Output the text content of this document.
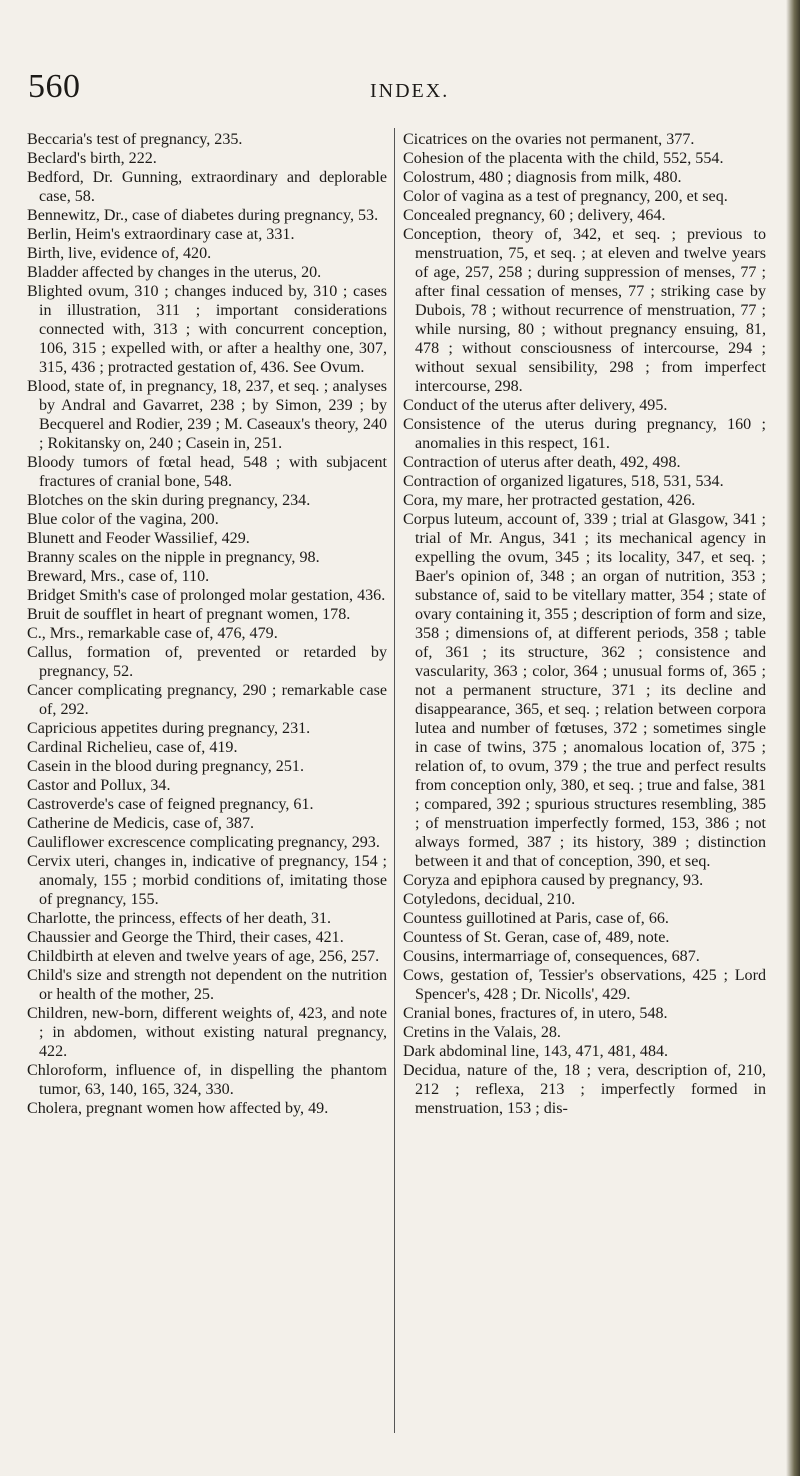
560	INDEX.

Beccaria's test of pregnancy, 235.

Beclard's birth, 222.

Bedford, Dr. Gunning, extraordinary and deplorable case, 58.

Bennewitz, Dr., case of diabetes during pregnancy, 53.

Berlin, Heim's extraordinary case at, 331.

Birth, live, evidence of, 420.

Bladder affected by changes in the uterus, 20.

Blighted ovum, 310 ; changes induced by, 310 ; cases in illustration, 311 ; important considerations connected with, 313 ; with concurrent conception, 106, 315 ; expelled with, or after a healthy one, 307, 315, 436 ; protracted gestation of, 436. See Ovum.

Blood, state of, in pregnancy, 18, 237, et seq. ; analyses by Andral and Gavarret, 238 ; by Simon, 239 ; by Becquerel and Rodier, 239 ; M. Caseaux's theory, 240 ; Rokitansky on, 240 ; Casein in, 251.

Bloody tumors of fœtal head, 548 ; with subjacent fractures of cranial bone, 548.

Blotches on the skin during pregnancy, 234.

Blue color of the vagina, 200.

Blunett and Feoder Wassilief, 429.

Branny scales on the nipple in pregnancy, 98.

Breward, Mrs., case of, 110.

Bridget Smith's case of prolonged molar gestation, 436.

Bruit de soufflet in heart of pregnant women, 178.

C., Mrs., remarkable case of, 476, 479.

Callus, formation of, prevented or retarded by pregnancy, 52.

Cancer complicating pregnancy, 290 ; remarkable case of, 292.

Capricious appetites during pregnancy, 231.

Cardinal Richelieu, case of, 419.

Casein in the blood during pregnancy, 251.

Castor and Pollux, 34.

Castroverde's case of feigned pregnancy, 61.

Catherine de Medicis, case of, 387.

Cauliflower excrescence complicating pregnancy, 293.

Cervix uteri, changes in, indicative of pregnancy, 154 ; anomaly, 155 ; morbid conditions of, imitating those of pregnancy, 155.

Charlotte, the princess, effects of her death, 31.

Chaussier and George the Third, their cases, 421.

Childbirth at eleven and twelve years of age, 256, 257.

Child's size and strength not dependent on the nutrition or health of the mother, 25.

Children, new-born, different weights of, 423, and note ; in abdomen, without existing natural pregnancy, 422.

Chloroform, influence of, in dispelling the phantom tumor, 63, 140, 165, 324, 330.

Cholera, pregnant women how affected by, 49.

Cicatrices on the ovaries not permanent, 377.

Cohesion of the placenta with the child, 552, 554.

Colostrum, 480 ; diagnosis from milk, 480.

Color of vagina as a test of pregnancy, 200, et seq.

Concealed pregnancy, 60 ; delivery, 464.

Conception, theory of, 342, et seq. ; previous to menstruation, 75, et seq. ; at eleven and twelve years of age, 257, 258 ; during suppression of menses, 77 ; after final cessation of menses, 77 ; striking case by Dubois, 78 ; without recurrence of menstruation, 77 ; while nursing, 80 ; without pregnancy ensuing, 81, 478 ; without consciousness of intercourse, 294 ; without sexual sensibility, 298 ; from imperfect intercourse, 298.

Conduct of the uterus after delivery, 495.

Consistence of the uterus during pregnancy, 160 ; anomalies in this respect, 161.

Contraction of uterus after death, 492, 498.

Contraction of organized ligatures, 518, 531, 534.

Cora, my mare, her protracted gestation, 426.

Corpus luteum, account of, 339 ; trial at Glasgow, 341 ; trial of Mr. Angus, 341 ; its mechanical agency in expelling the ovum, 345 ; its locality, 347, et seq. ; Baer's opinion of, 348 ; an organ of nutrition, 353 ; substance of, said to be vitellary matter, 354 ; state of ovary containing it, 355 ; description of form and size, 358 ; dimensions of, at different periods, 358 ; table of, 361 ; its structure, 362 ; consistence and vascularity, 363 ; color, 364 ; unusual forms of, 365 ; not a permanent structure, 371 ; its decline and disappearance, 365, et seq. ; relation between corpora lutea and number of fœtuses, 372 ; sometimes single in case of twins, 375 ; anomalous location of, 375 ; relation of, to ovum, 379 ; the true and perfect results from conception only, 380, et seq. ; true and false, 381 ; compared, 392 ; spurious structures resembling, 385 ; of menstruation imperfectly formed, 153, 386 ; not always formed, 387 ; its history, 389 ; distinction between it and that of conception, 390, et seq.

Coryza and epiphora caused by pregnancy, 93.

Cotyledons, decidual, 210.

Countess guillotined at Paris, case of, 66.

Countess of St. Geran, case of, 489, note.

Cousins, intermarriage of, consequences, 687.

Cows, gestation of, Tessier's observations, 425 ; Lord Spencer's, 428 ; Dr. Nicolls', 429.

Cranial bones, fractures of, in utero, 548.

Cretins in the Valais, 28.

Dark abdominal line, 143, 471, 481, 484.

Decidua, nature of the, 18 ; vera, description of, 210, 212 ; reflexa, 213 ; imperfectly formed in menstruation, 153 ; dis-
